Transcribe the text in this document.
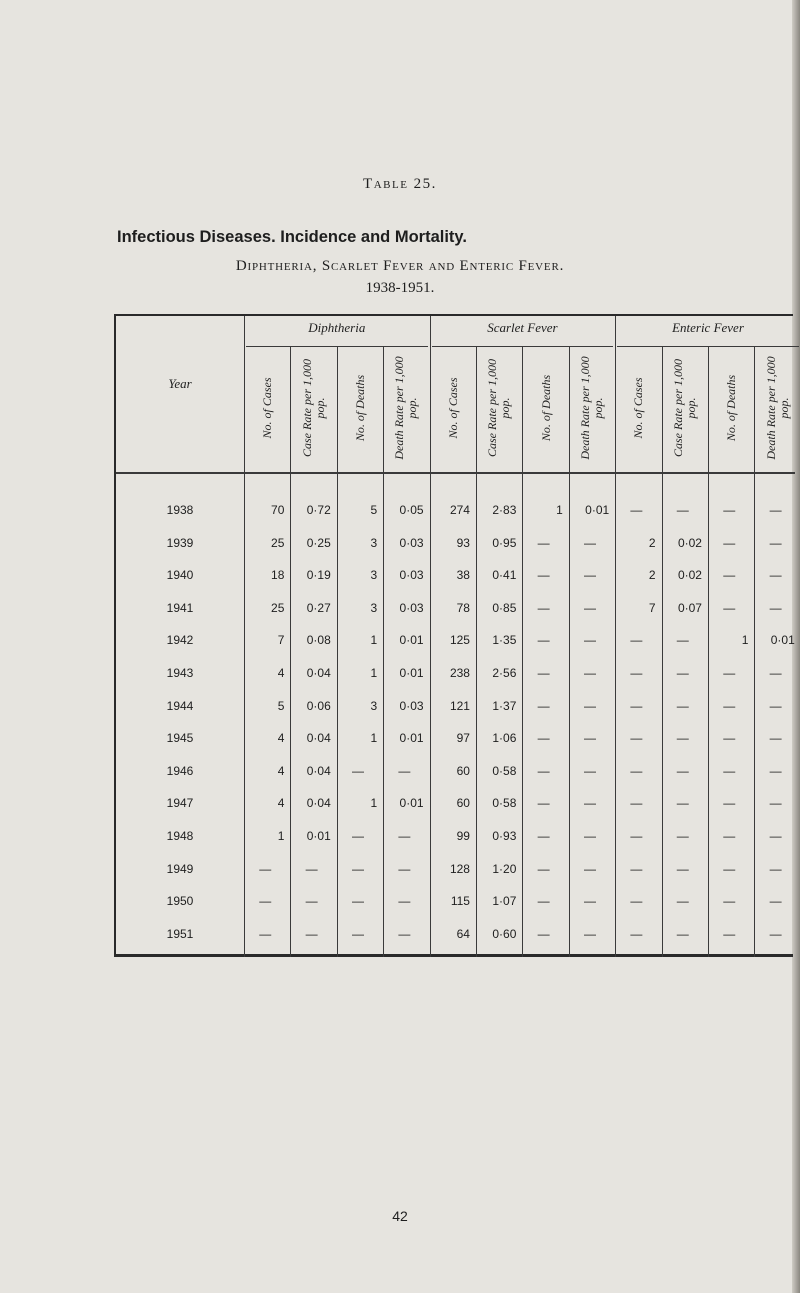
Table 25.
Infectious Diseases. Incidence and Mortality.
Diphtheria, Scarlet Fever and Enteric Fever.
1938-1951.
Year
Diphtheria
No. of Cases	Case Rate per 1,000 pop.	No. of Deaths	Death Rate per 1,000 pop.
Scarlet Fever
No. of Cases	Case Rate per 1,000 pop.	No. of Deaths	Death Rate per 1,000 pop.
Enteric Fever
No. of Cases	Case Rate per 1,000 pop.	No. of Deaths	Death Rate per 1,000 pop.
1938	70	0·72	5	0·05	274	2·83	1	0·01	—	—	—	—
1939	25	0·25	3	0·03	93	0·95	—	—	2	0·02	—	—
1940	18	0·19	3	0·03	38	0·41	—	—	2	0·02	—	—
1941	25	0·27	3	0·03	78	0·85	—	—	7	0·07	—	—
1942	7	0·08	1	0·01	125	1·35	—	—	—	—	1	0·01
1943	4	0·04	1	0·01	238	2·56	—	—	—	—	—	—
1944	5	0·06	3	0·03	121	1·37	—	—	—	—	—	—
1945	4	0·04	1	0·01	97	1·06	—	—	—	—	—	—
1946	4	0·04	—	—	60	0·58	—	—	—	—	—	—
1947	4	0·04	1	0·01	60	0·58	—	—	—	—	—	—
1948	1	0·01	—	—	99	0·93	—	—	—	—	—	—
1949	—	—	—	—	128	1·20	—	—	—	—	—	—
1950	—	—	—	—	115	1·07	—	—	—	—	—	—
1951	—	—	—	—	64	0·60	—	—	—	—	—	—
42
